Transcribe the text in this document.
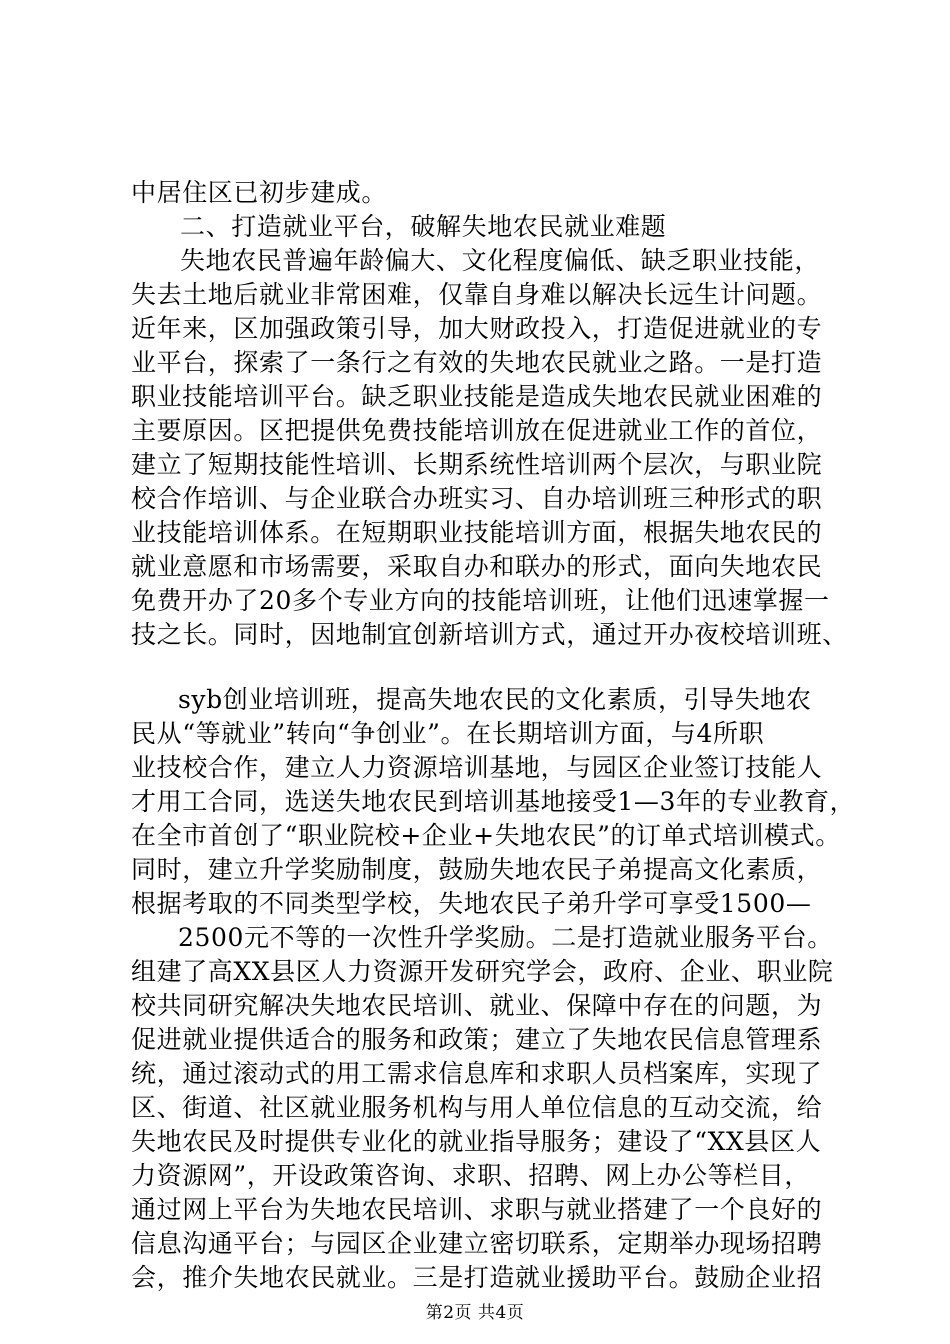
中居住区已初步建成。
二、打造就业平台，破解失地农民就业难题
失地农民普遍年龄偏大、文化程度偏低、缺乏职业技能，
失去土地后就业非常困难，仅靠自身难以解决长远生计问题。
近年来，区加强政策引导，加大财政投入，打造促进就业的专
业平台，探索了一条行之有效的失地农民就业之路。一是打造
职业技能培训平台。缺乏职业技能是造成失地农民就业困难的
主要原因。区把提供免费技能培训放在促进就业工作的首位，
建立了短期技能性培训、长期系统性培训两个层次，与职业院
校合作培训、与企业联合办班实习、自办培训班三种形式的职
业技能培训体系。在短期职业技能培训方面，根据失地农民的
就业意愿和市场需要，采取自办和联办的形式，面向失地农民
免费开办了20多个专业方向的技能培训班，让他们迅速掌握一
技之长。同时，因地制宜创新培训方式，通过开办夜校培训班、
syb创业培训班，提高失地农民的文化素质，引导失地农
民从“等就业”转向“争创业”。在长期培训方面，与4所职
业技校合作，建立人力资源培训基地，与园区企业签订技能人
才用工合同，选送失地农民到培训基地接受1—3年的专业教育，
在全市首创了“职业院校+企业+失地农民”的订单式培训模式。
同时，建立升学奖励制度，鼓励失地农民子弟提高文化素质，
根据考取的不同类型学校，失地农民子弟升学可享受1500—
2500元不等的一次性升学奖励。二是打造就业服务平台。
组建了高XX县区人力资源开发研究学会，政府、企业、职业院
校共同研究解决失地农民培训、就业、保障中存在的问题，为
促进就业提供适合的服务和政策；建立了失地农民信息管理系
统，通过滚动式的用工需求信息库和求职人员档案库，实现了
区、街道、社区就业服务机构与用人单位信息的互动交流，给
失地农民及时提供专业化的就业指导服务；建设了“XX县区人
力资源网”，开设政策咨询、求职、招聘、网上办公等栏目，
通过网上平台为失地农民培训、求职与就业搭建了一个良好的
信息沟通平台；与园区企业建立密切联系，定期举办现场招聘
会，推介失地农民就业。三是打造就业援助平台。鼓励企业招
第2页 共4页
